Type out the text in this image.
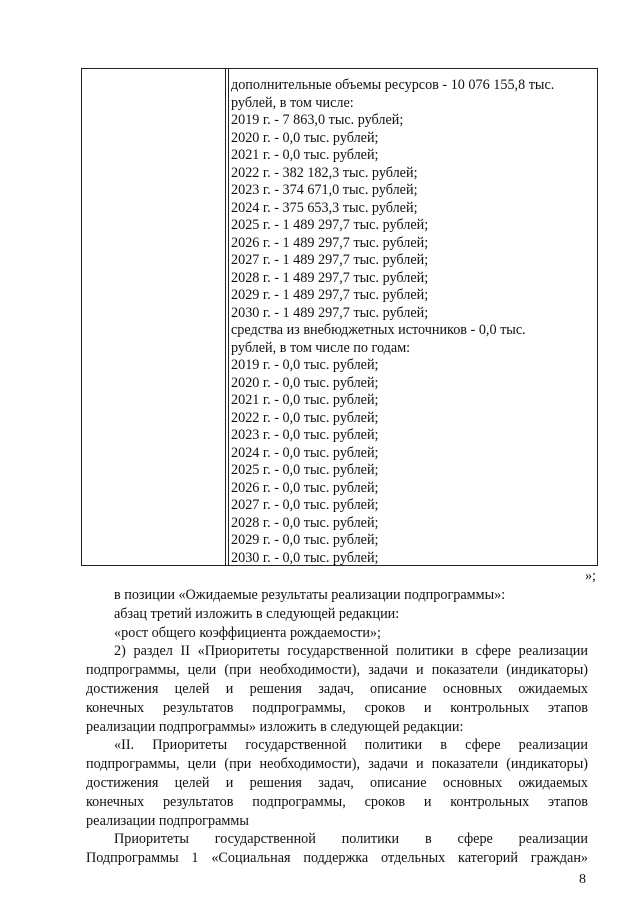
дополнительные объемы ресурсов - 10 076 155,8 тыс.
рублей, в том числе:
2019 г. - 7 863,0 тыс. рублей;
2020 г. - 0,0 тыс. рублей;
2021 г. - 0,0 тыс. рублей;
2022 г. - 382 182,3 тыс. рублей;
2023 г. - 374 671,0 тыс. рублей;
2024 г. - 375 653,3 тыс. рублей;
2025 г. - 1 489 297,7 тыс. рублей;
2026 г. - 1 489 297,7 тыс. рублей;
2027 г. - 1 489 297,7 тыс. рублей;
2028 г. - 1 489 297,7 тыс. рублей;
2029 г. - 1 489 297,7 тыс. рублей;
2030 г. - 1 489 297,7 тыс. рублей;
средства из внебюджетных источников - 0,0 тыс.
рублей, в том числе по годам:
2019 г. - 0,0 тыс. рублей;
2020 г. - 0,0 тыс. рублей;
2021 г. - 0,0 тыс. рублей;
2022 г. - 0,0 тыс. рублей;
2023 г. - 0,0 тыс. рублей;
2024 г. - 0,0 тыс. рублей;
2025 г. - 0,0 тыс. рублей;
2026 г. - 0,0 тыс. рублей;
2027 г. - 0,0 тыс. рублей;
2028 г. - 0,0 тыс. рублей;
2029 г. - 0,0 тыс. рублей;
2030 г. - 0,0 тыс. рублей;
»;
в позиции «Ожидаемые результаты реализации подпрограммы»:
абзац третий изложить в следующей редакции:
«рост общего коэффициента рождаемости»;
2) раздел II «Приоритеты государственной политики в сфере реализации
подпрограммы, цели (при необходимости), задачи и показатели (индикаторы)
достижения целей и решения задач, описание основных ожидаемых
конечных результатов подпрограммы, сроков и контрольных этапов
реализации подпрограммы» изложить в следующей редакции:
«II. Приоритеты государственной политики в сфере реализации
подпрограммы, цели (при необходимости), задачи и показатели (индикаторы)
достижения целей и решения задач, описание основных ожидаемых
конечных результатов подпрограммы, сроков и контрольных этапов
реализации подпрограммы
Приоритеты государственной политики в сфере реализации
Подпрограммы 1 «Социальная поддержка отдельных категорий граждан»
8
